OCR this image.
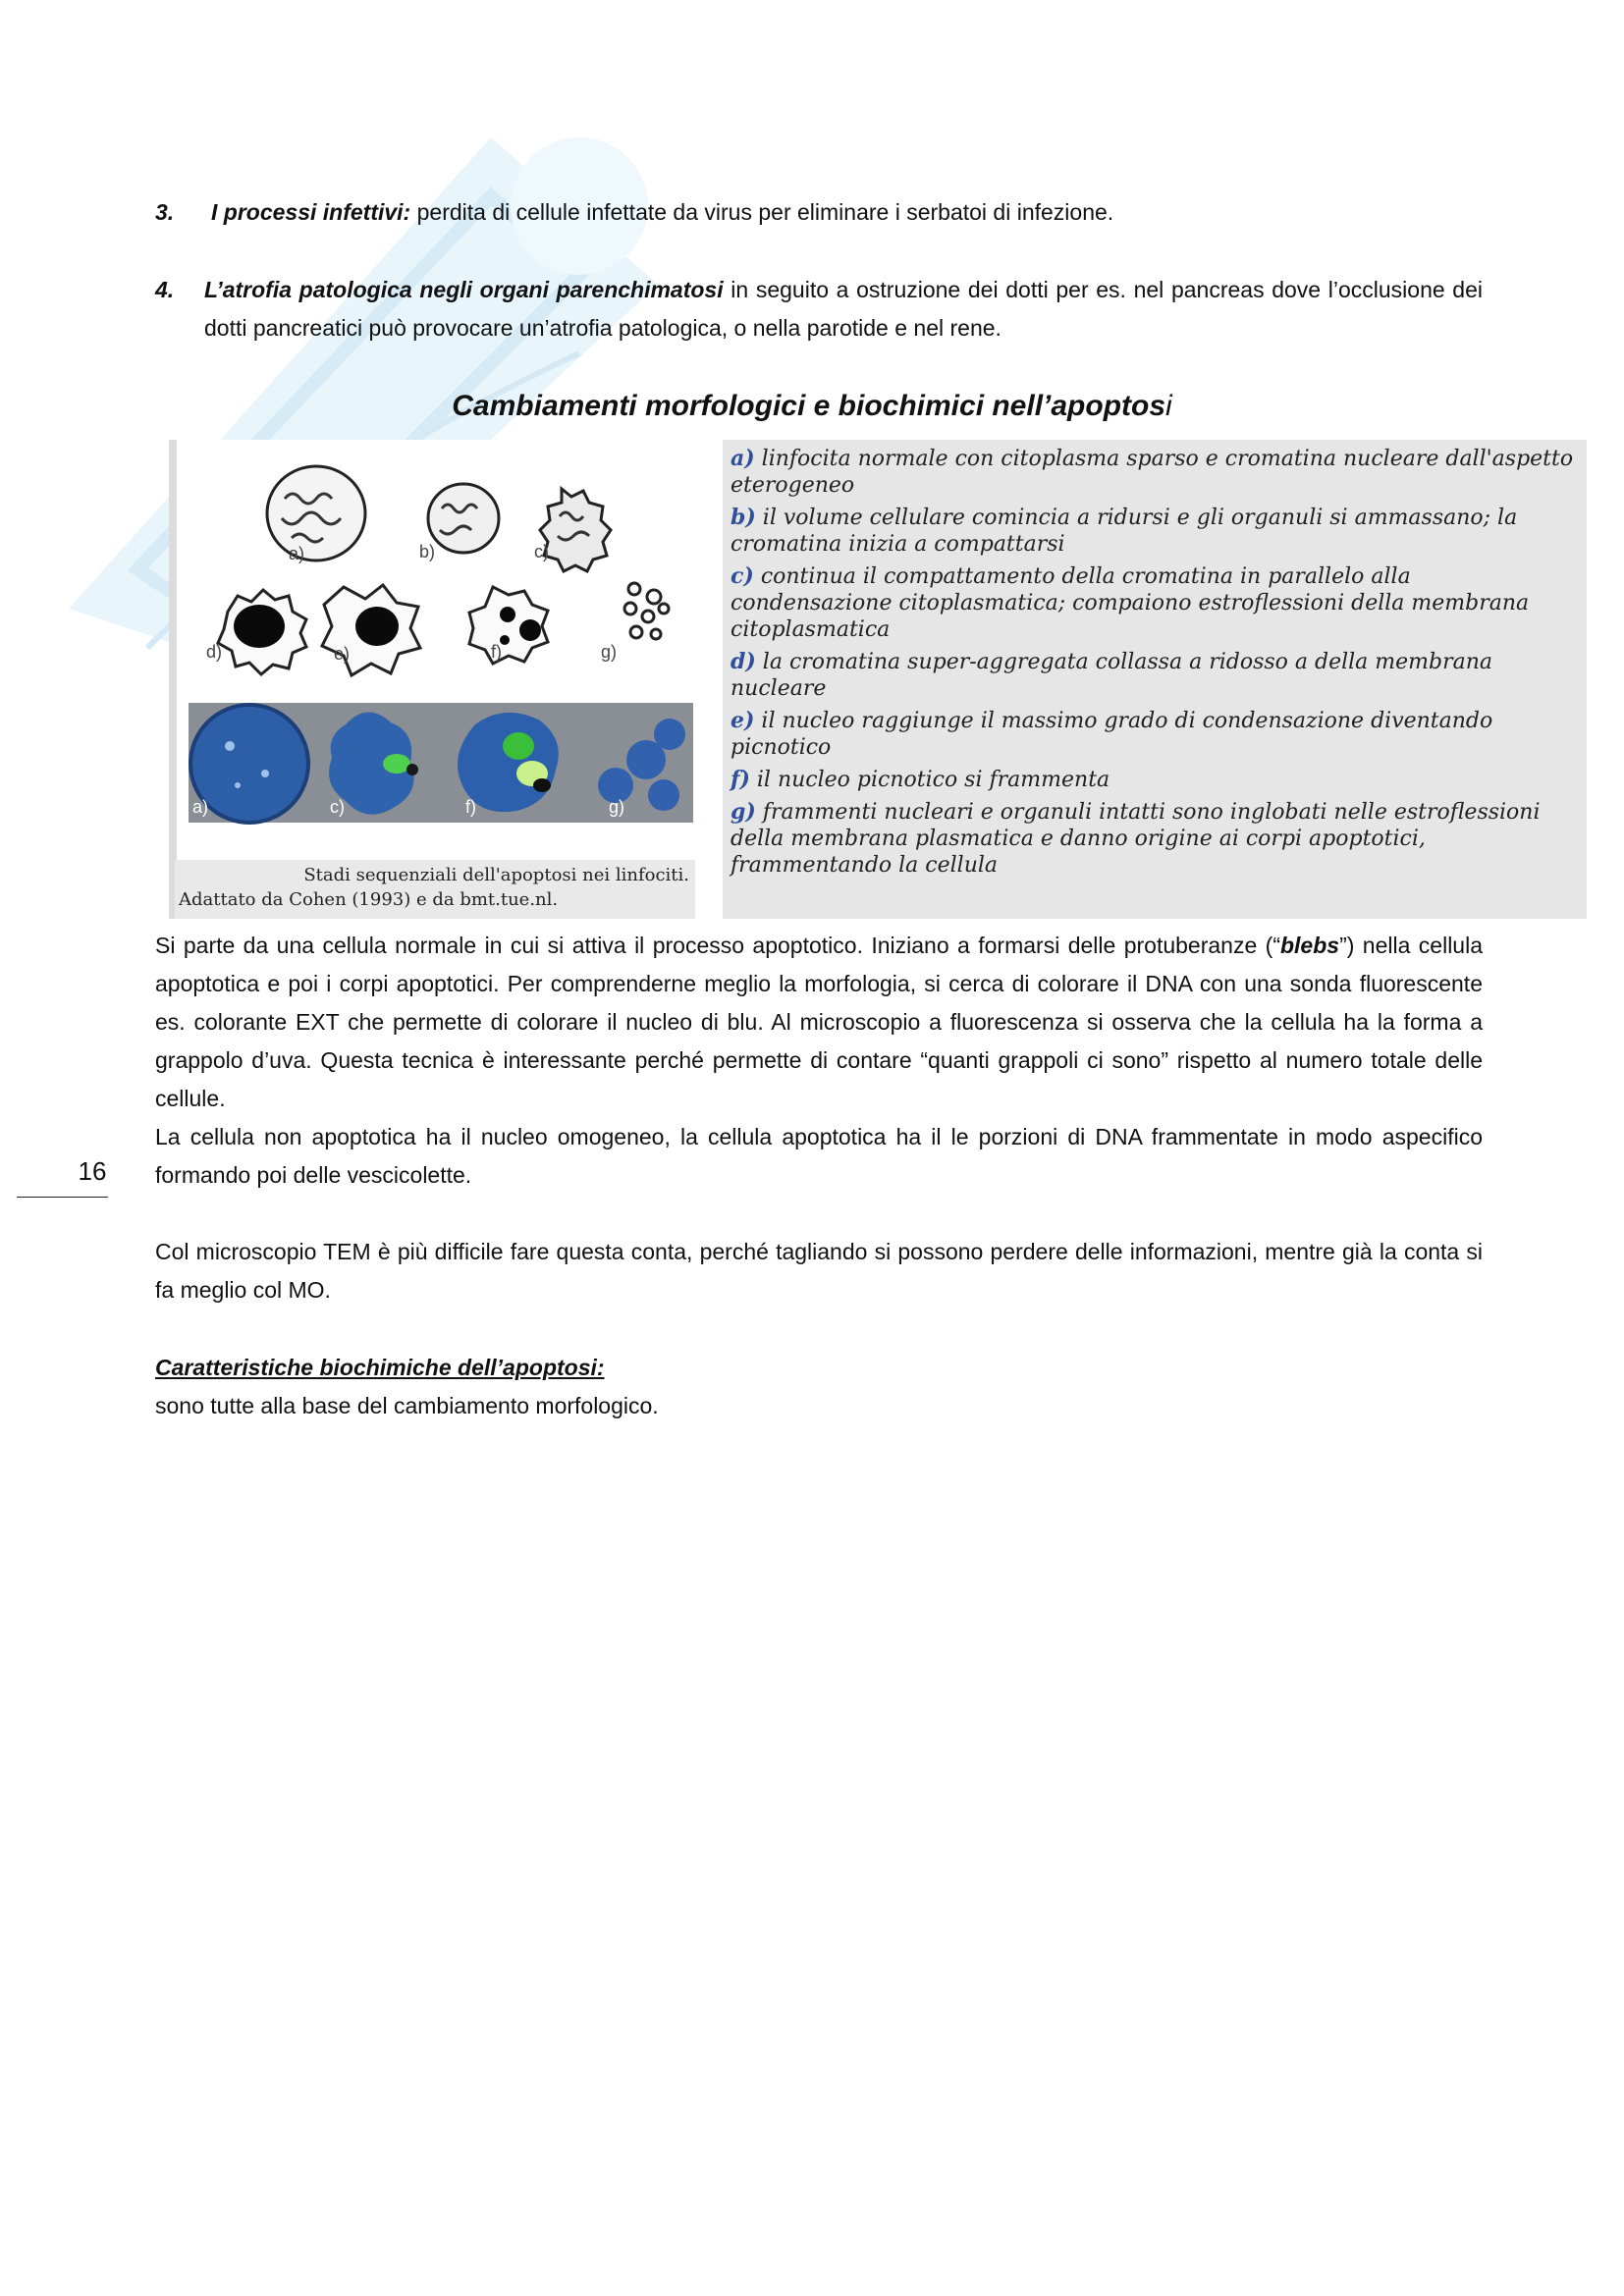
3. I processi infettivi: perdita di cellule infettate da virus per eliminare i serbatoi di infezione.
4. L’atrofia patologica negli organi parenchimatosi in seguito a ostruzione dei dotti per es. nel pancreas dove l’occlusione dei dotti pancreatici può provocare un’atrofia patologica, o nella parotide e nel rene.
Cambiamenti morfologici e biochimici nell’apoptosi
a)	b)	c)
d)	e)	f)	g)
a)	c)	f)	g)
Stadi sequenziali dell'apoptosi nei linfociti.
Adattato da Cohen (1993) e da bmt.tue.nl.
a) linfocita normale con citoplasma sparso e cromatina nucleare dall'aspetto eterogeneo
b) il volume cellulare comincia a ridursi e gli organuli si ammassano; la cromatina inizia a compattarsi
c) continua il compattamento della cromatina in parallelo alla condensazione citoplasmatica; compaiono estroflessioni della membrana citoplasmatica
d) la cromatina super-aggregata collassa a ridosso a della membrana nucleare
e) il nucleo raggiunge il massimo grado di condensazione diventando picnotico
f) il nucleo picnotico si frammenta
g) frammenti nucleari e organuli intatti sono inglobati nelle estroflessioni della membrana plasmatica e danno origine ai corpi apoptotici, frammentando la cellula
Si parte da una cellula normale in cui si attiva il processo apoptotico. Iniziano a formarsi delle protuberanze (“blebs”) nella cellula apoptotica e poi i corpi apoptotici. Per comprenderne meglio la morfologia, si cerca di colorare il DNA con una sonda fluorescente es. colorante EXT che permette di colorare il nucleo di blu. Al microscopio a fluorescenza si osserva che la cellula ha la forma a grappolo d’uva. Questa tecnica è interessante perché permette di contare “quanti grappoli ci sono” rispetto al numero totale delle cellule.
La cellula non apoptotica ha il nucleo omogeneo, la cellula apoptotica ha il le porzioni di DNA frammentate in modo aspecifico formando poi delle vescicolette.
Col microscopio TEM è più difficile fare questa conta, perché tagliando si possono perdere delle informazioni, mentre già la conta si fa meglio col MO.
Caratteristiche biochimiche dell’apoptosi:
sono tutte alla base del cambiamento morfologico.
16
